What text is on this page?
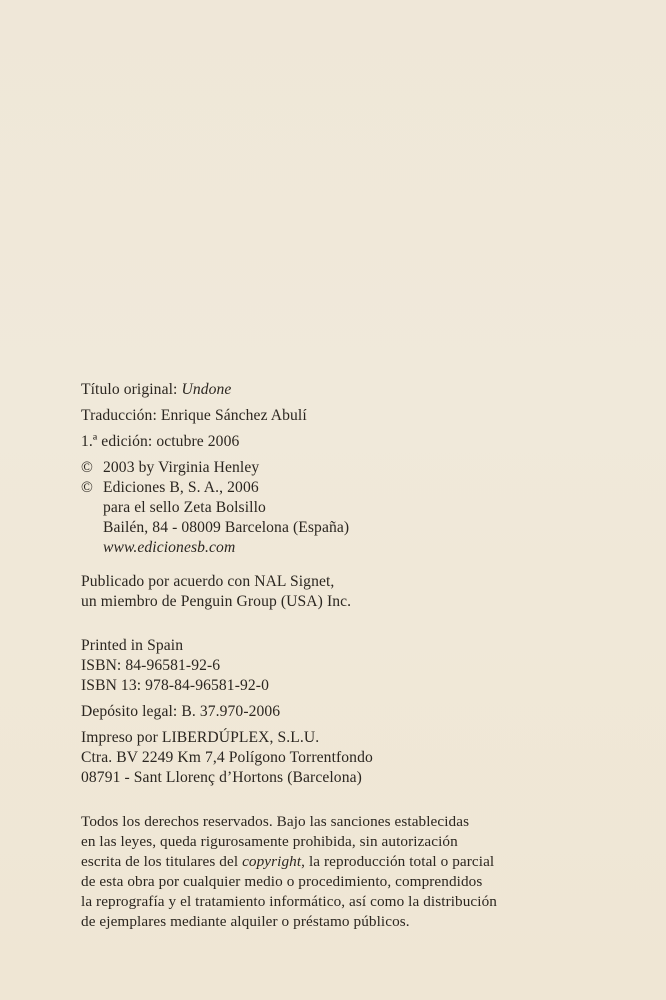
Título original: Undone
Traducción: Enrique Sánchez Abulí
1.ª edición: octubre 2006
© 2003 by Virginia Henley
© Ediciones B, S. A., 2006
para el sello Zeta Bolsillo
Bailén, 84 - 08009 Barcelona (España)
www.edicionesb.com
Publicado por acuerdo con NAL Signet,
un miembro de Penguin Group (USA) Inc.
Printed in Spain
ISBN: 84-96581-92-6
ISBN 13: 978-84-96581-92-0
Depósito legal: B. 37.970-2006
Impreso por LIBERDÚPLEX, S.L.U.
Ctra. BV 2249 Km 7,4 Polígono Torrentfondo
08791 - Sant Llorenç d’Hortons (Barcelona)
Todos los derechos reservados. Bajo las sanciones establecidas
en las leyes, queda rigurosamente prohibida, sin autorización
escrita de los titulares del copyright, la reproducción total o parcial
de esta obra por cualquier medio o procedimiento, comprendidos
la reprografía y el tratamiento informático, así como la distribución
de ejemplares mediante alquiler o préstamo públicos.
